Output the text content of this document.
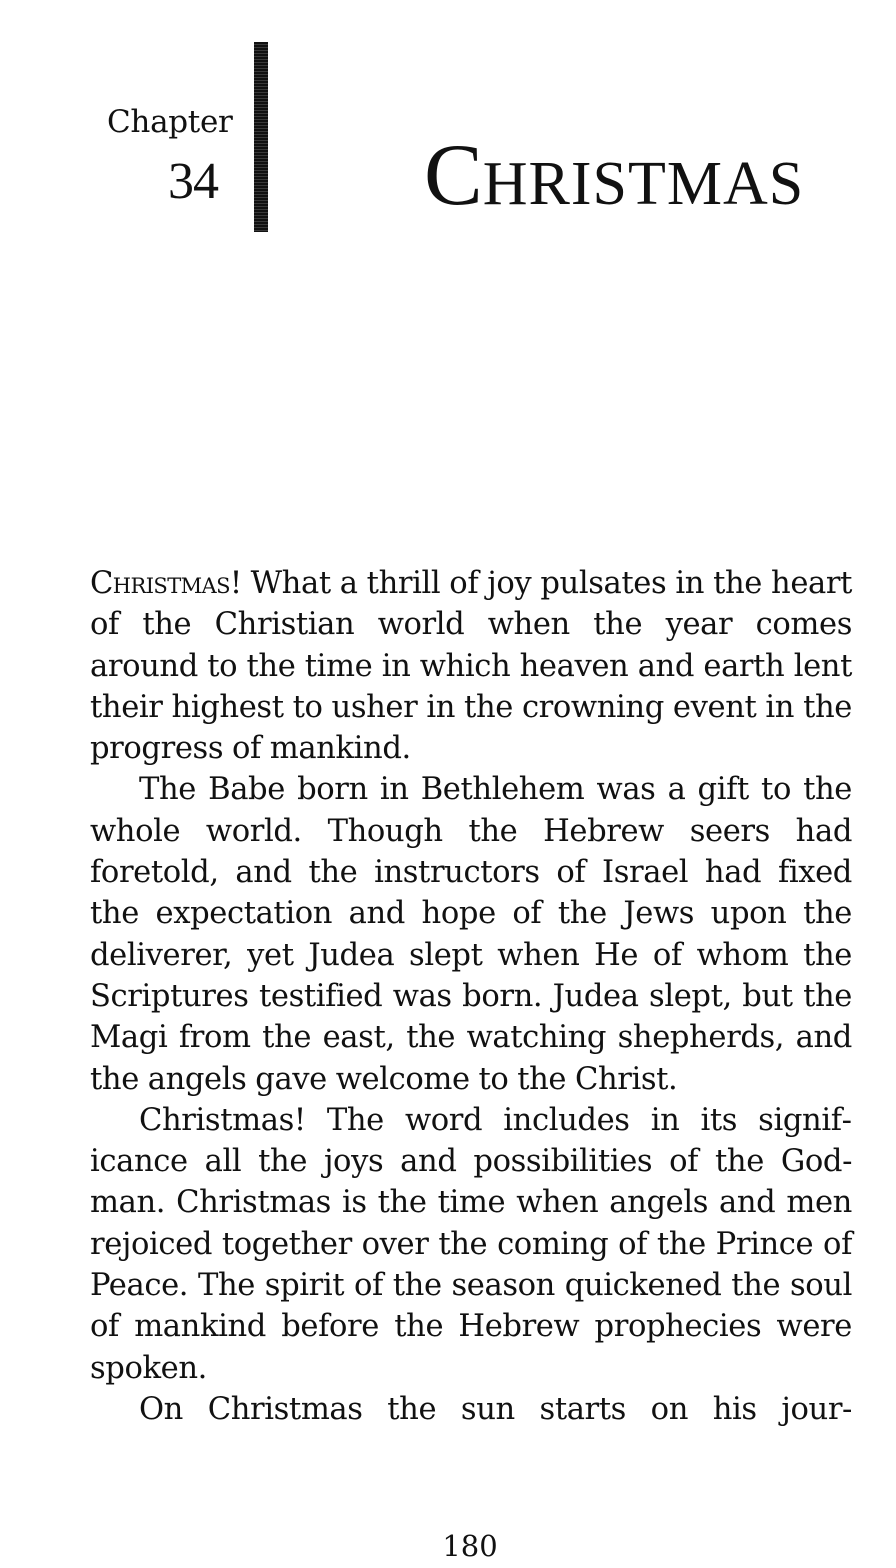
Chapter
34	CHRISTMAS

Christmas! What a thrill of joy pulsates in the heart of the Christian world when the year comes around to the time in which heaven and earth lent their highest to usher in the crowning event in the progress of mankind.

The Babe born in Bethlehem was a gift to the whole world. Though the Hebrew seers had foretold, and the instructors of Israel had fixed the expectation and hope of the Jews upon the deliverer, yet Judea slept when He of whom the Scriptures testified was born. Judea slept, but the Magi from the east, the watching shepherds, and the angels gave welcome to the Christ.

Christmas! The word includes in its significance all the joys and possibilities of the God-man. Christmas is the time when angels and men rejoiced together over the coming of the Prince of Peace. The spirit of the season quickened the soul of mankind before the Hebrew prophecies were spoken.

On Christmas the sun starts on his jour-

180
